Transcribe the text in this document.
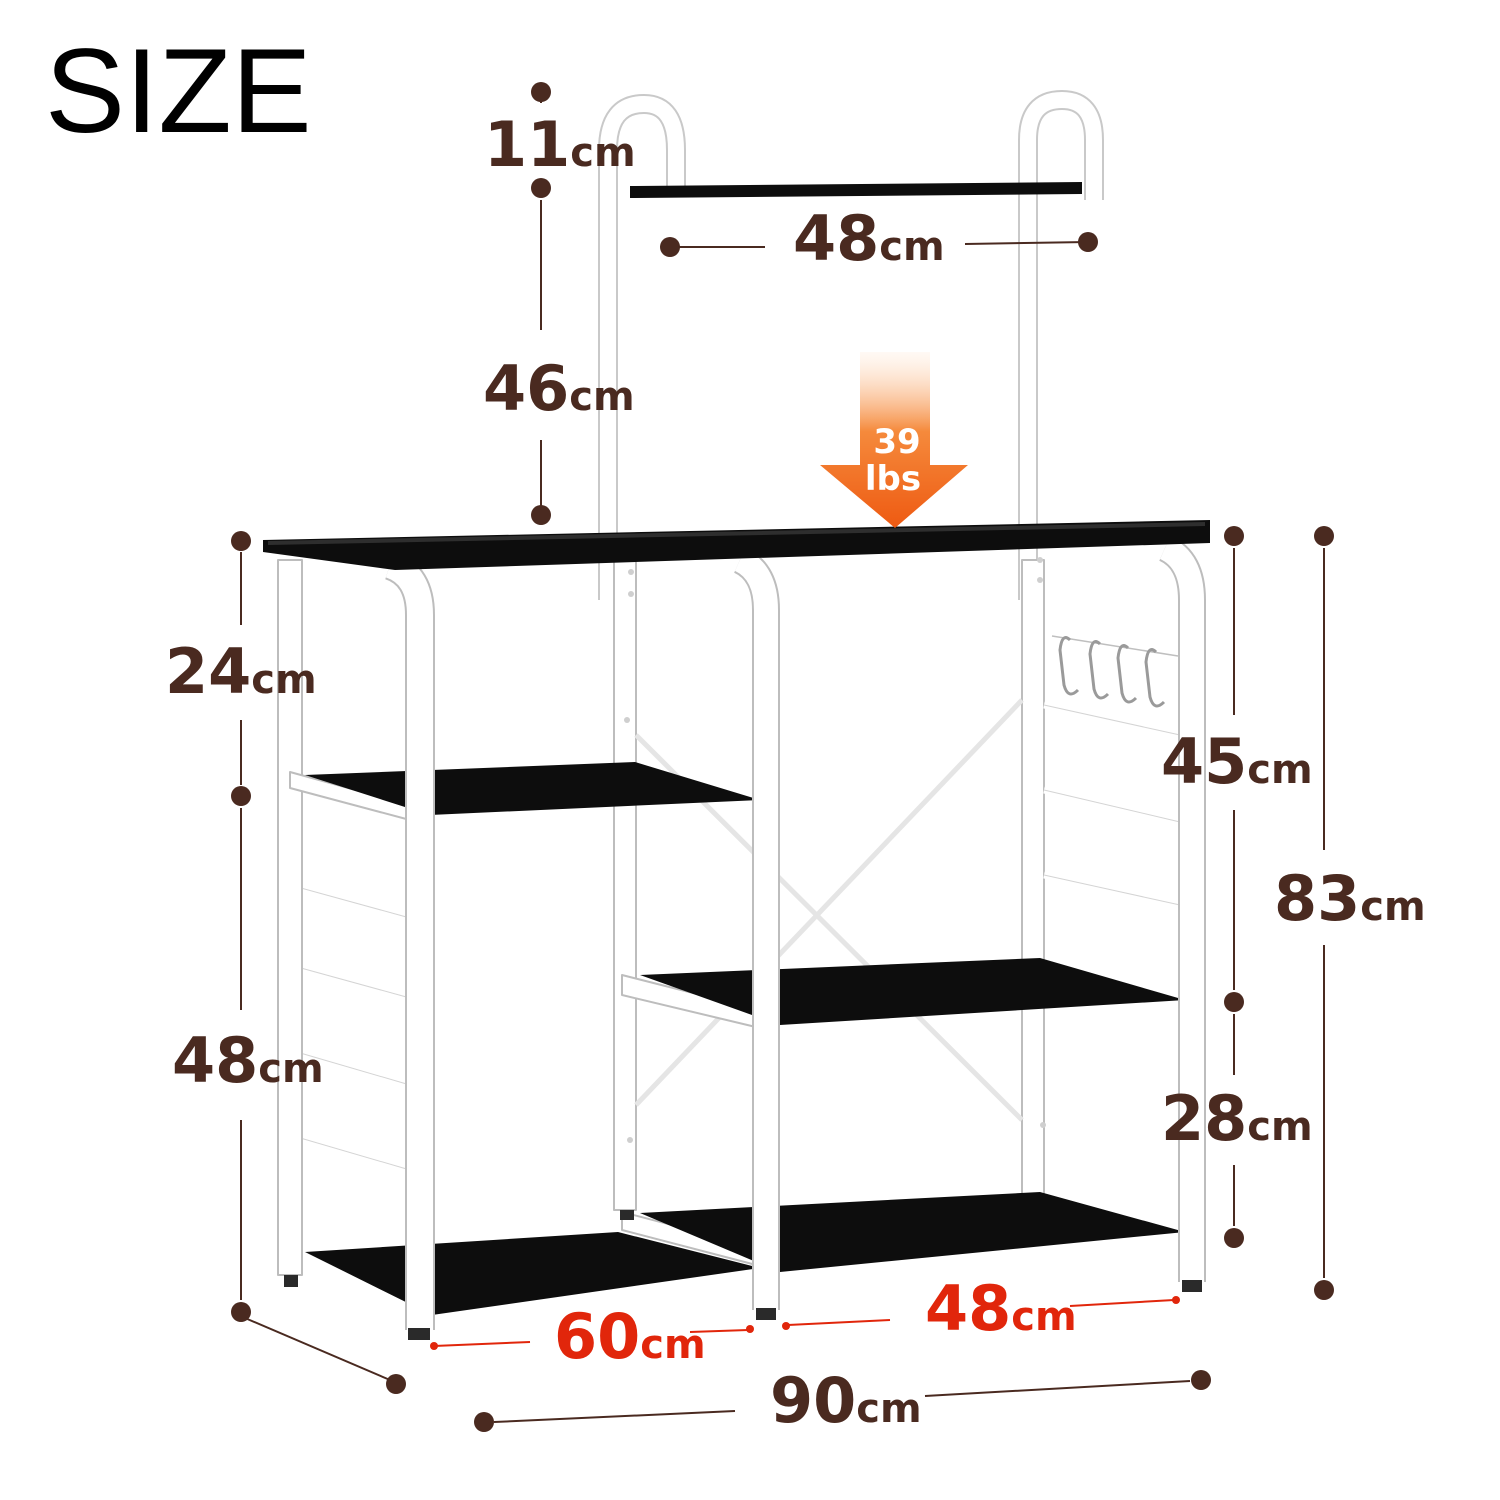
SIZE
39
lbs
11cm
48cm
46cm
24cm
48cm
45cm
83cm
28cm
48cm
60cm
90cm
